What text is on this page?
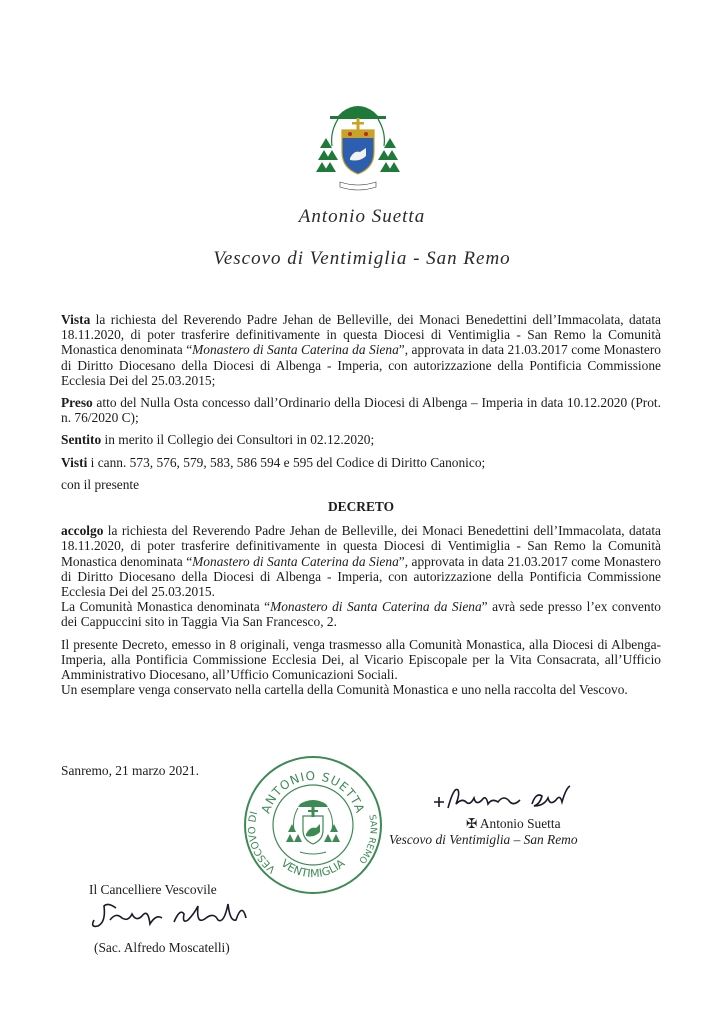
Antonio Suetta
Vescovo di Ventimiglia - San Remo

Vista la richiesta del Reverendo Padre Jehan de Belleville, dei Monaci Benedettini dell’Immacolata, datata 18.11.2020, di poter trasferire definitivamente in questa Diocesi di Ventimiglia - San Remo la Comunità Monastica denominata “Monastero di Santa Caterina da Siena”, approvata in data 21.03.2017 come Monastero di Diritto Diocesano della Diocesi di Albenga - Imperia, con autorizzazione della Pontificia Commissione Ecclesia Dei del 25.03.2015;

Preso atto del Nulla Osta concesso dall’Ordinario della Diocesi di Albenga – Imperia in data 10.12.2020 (Prot. n. 76/2020 C);

Sentito in merito il Collegio dei Consultori in 02.12.2020;

Visti i cann. 573, 576, 579, 583, 586 594 e 595 del Codice di Diritto Canonico;

con il presente

DECRETO

accolgo la richiesta del Reverendo Padre Jehan de Belleville, dei Monaci Benedettini dell’Immacolata, datata 18.11.2020, di poter trasferire definitivamente in questa Diocesi di Ventimiglia - San Remo la Comunità Monastica denominata “Monastero di Santa Caterina da Siena”, approvata in data 21.03.2017 come Monastero di Diritto Diocesano della Diocesi di Albenga - Imperia, con autorizzazione della Pontificia Commissione Ecclesia Dei del 25.03.2015.

La Comunità Monastica denominata “Monastero di Santa Caterina da Siena” avrà sede presso l’ex convento dei Cappuccini sito in Taggia Via San Francesco, 2.

Il presente Decreto, emesso in 8 originali, venga trasmesso alla Comunità Monastica, alla Diocesi di Albenga-Imperia, alla Pontificia Commissione Ecclesia Dei, al Vicario Episcopale per la Vita Consacrata, all’Ufficio Amministrativo Diocesano, all’Ufficio Comunicazioni Sociali.

Un esemplare venga conservato nella cartella della Comunità Monastica e uno nella raccolta del Vescovo.

Sanremo, 21 marzo 2021.
ANTONIO SUETTA
VESCOVO DI
VENTIMIGLIA
SAN REMO
✠ Antonio Suetta
Vescovo di Ventimiglia – San Remo
Il Cancelliere Vescovile
(Sac. Alfredo Moscatelli)
